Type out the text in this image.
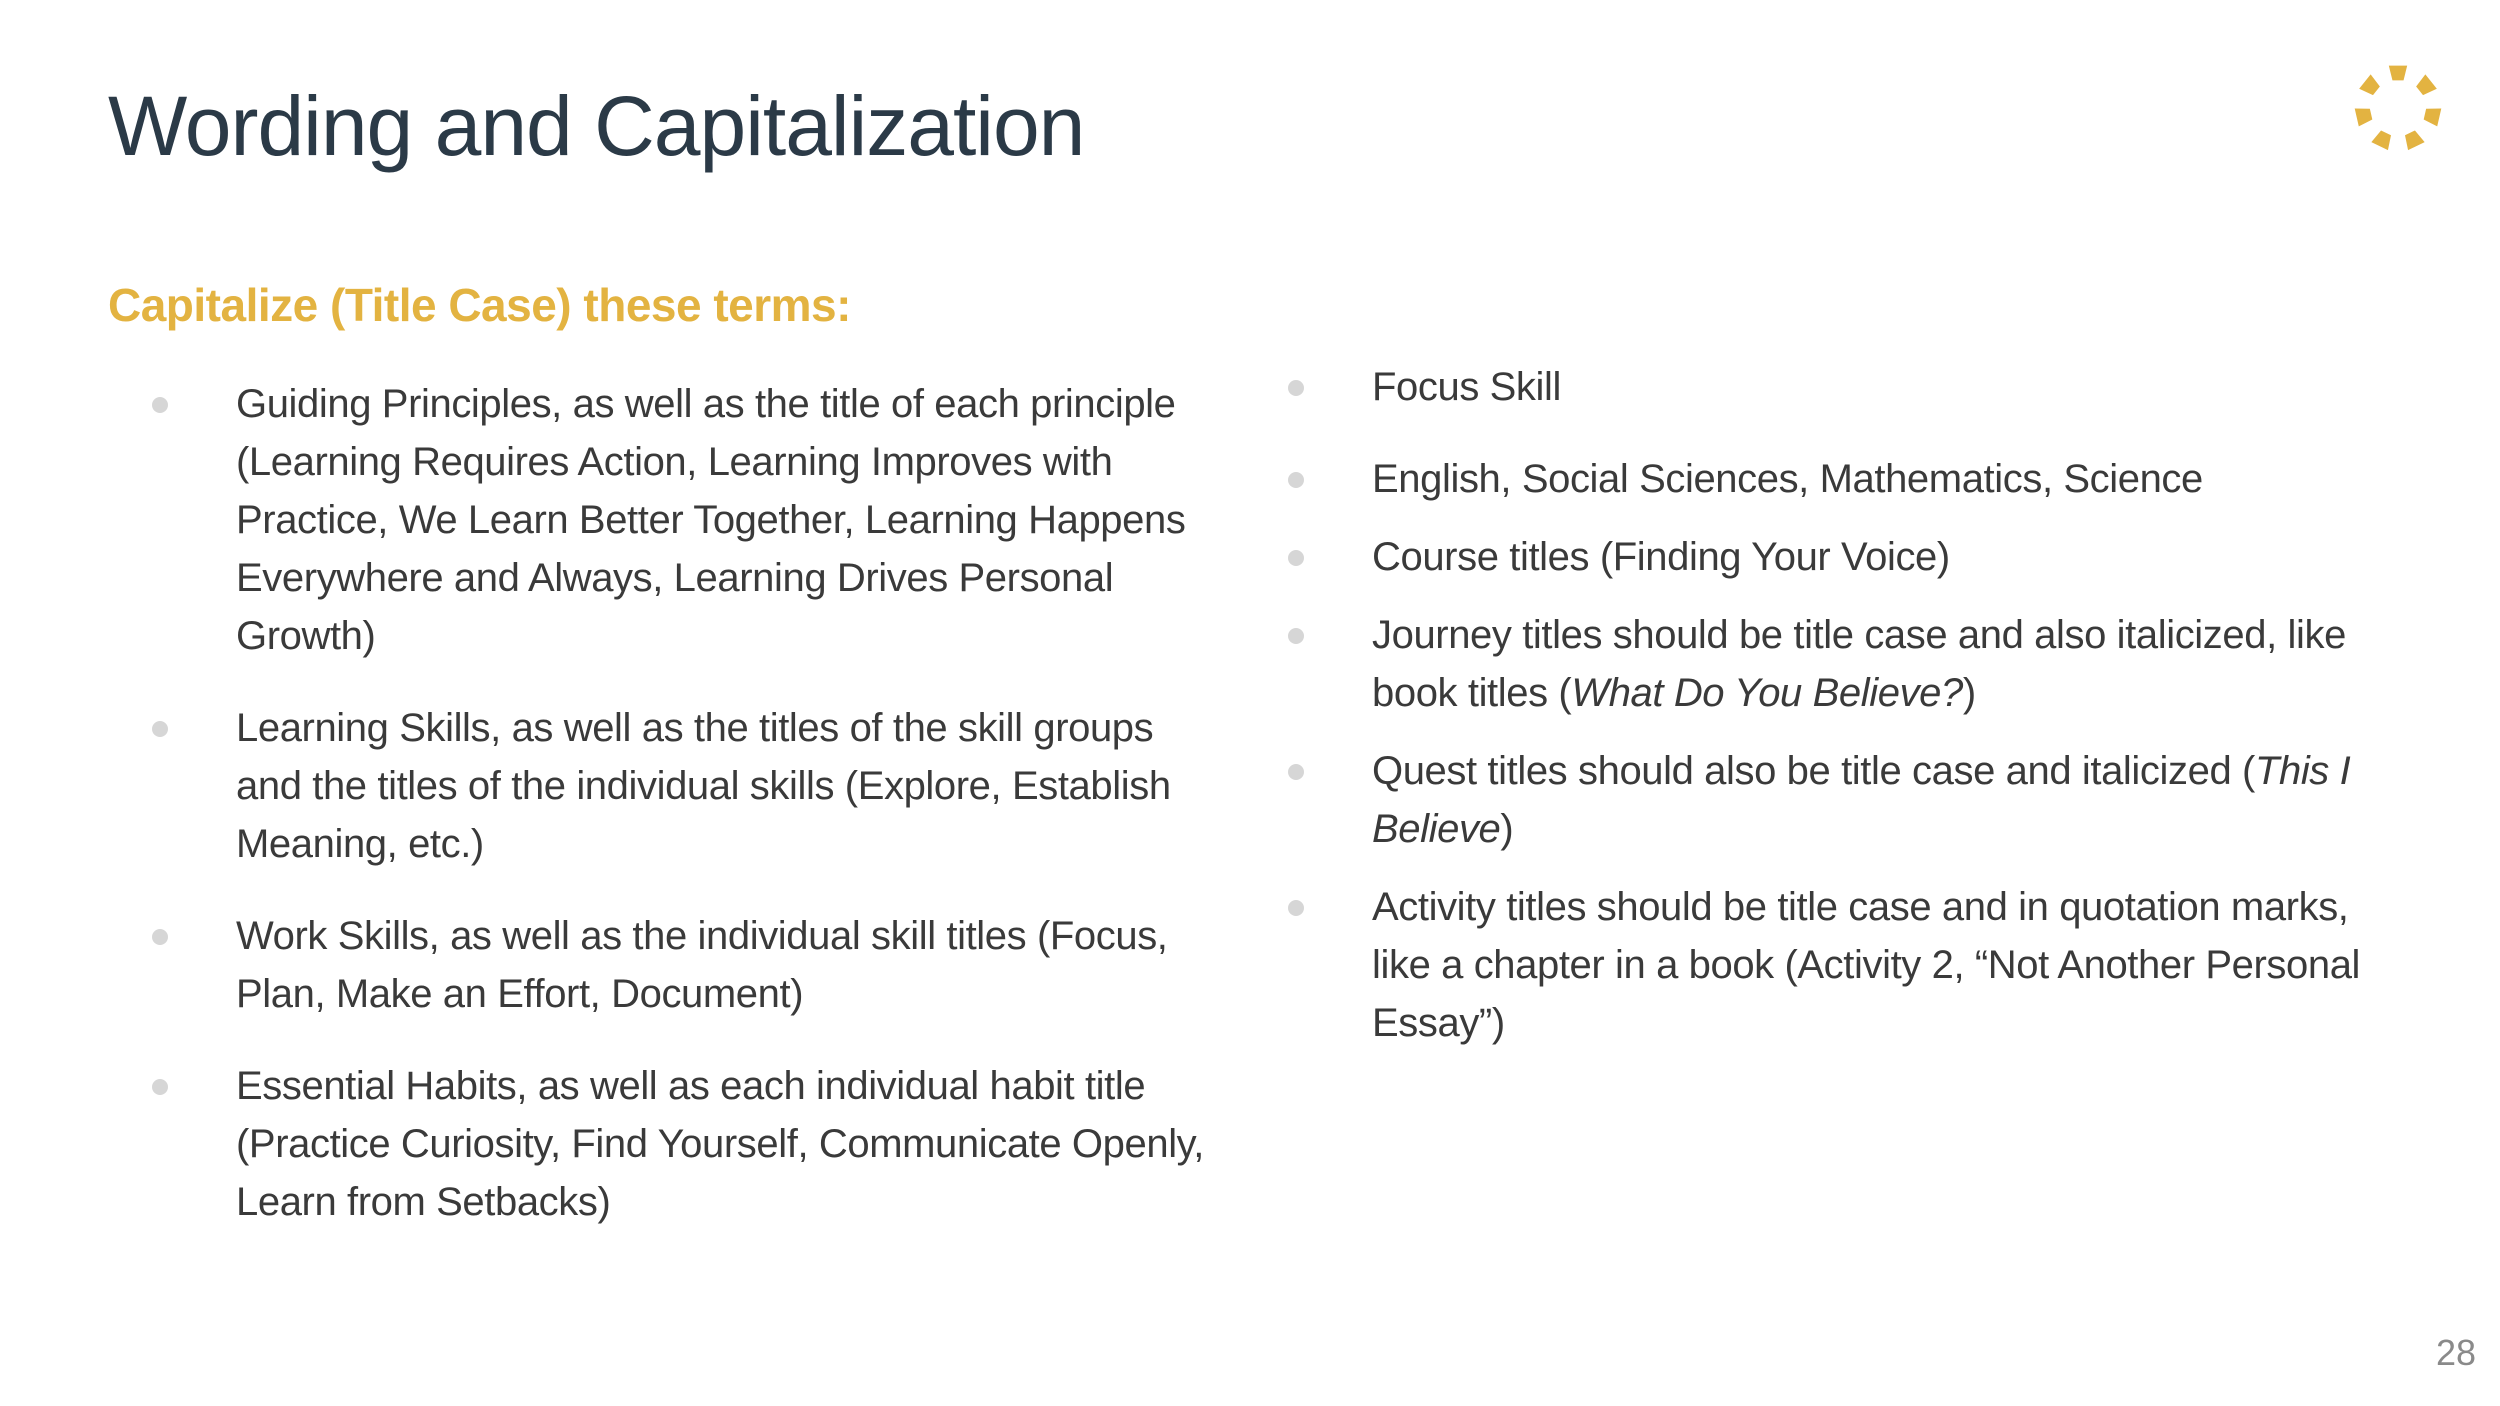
Wording and Capitalization
Capitalize (Title Case) these terms:
Guiding Principles, as well as the title of each principle (Learning Requires Action, Learning Improves with Practice, We Learn Better Together, Learning Happens Everywhere and Always, Learning Drives Personal Growth)
Learning Skills, as well as the titles of the skill groups and the titles of the individual skills (Explore, Establish Meaning, etc.)
Work Skills, as well as the individual skill titles (Focus, Plan, Make an Effort, Document)
Essential Habits, as well as each individual habit title (Practice Curiosity, Find Yourself, Communicate Openly, Learn from Setbacks)
Focus Skill
English, Social Sciences, Mathematics, Science
Course titles (Finding Your Voice)
Journey titles should be title case and also italicized, like book titles (What Do You Believe?)
Quest titles should also be title case and italicized (This I Believe)
Activity titles should be title case and in quotation marks, like a chapter in a book (Activity 2, “Not Another Personal Essay”)
28
